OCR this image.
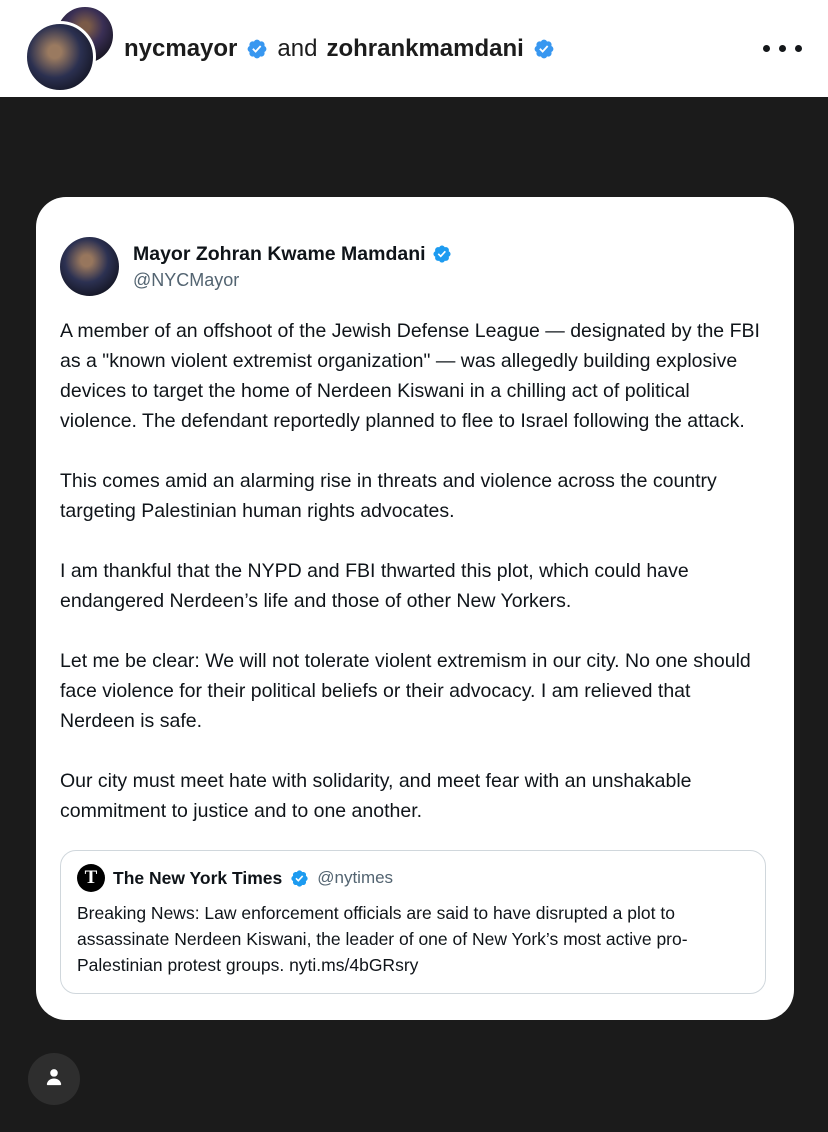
nycmayor and zohrankmamdani
Mayor Zohran Kwame Mamdani
@NYCMayor

A member of an offshoot of the Jewish Defense League — designated by the FBI as a "known violent extremist organization" — was allegedly building explosive devices to target the home of Nerdeen Kiswani in a chilling act of political violence. The defendant reportedly planned to flee to Israel following the attack.

This comes amid an alarming rise in threats and violence across the country targeting Palestinian human rights advocates.

I am thankful that the NYPD and FBI thwarted this plot, which could have endangered Nerdeen’s life and those of other New Yorkers.

Let me be clear: We will not tolerate violent extremism in our city. No one should face violence for their political beliefs or their advocacy. I am relieved that Nerdeen is safe.

Our city must meet hate with solidarity, and meet fear with an unshakable commitment to justice and to one another.

T The New York Times @nytimes
Breaking News: Law enforcement officials are said to have disrupted a plot to assassinate Nerdeen Kiswani, the leader of one of New York’s most active pro-Palestinian protest groups. nyti.ms/4bGRsry
